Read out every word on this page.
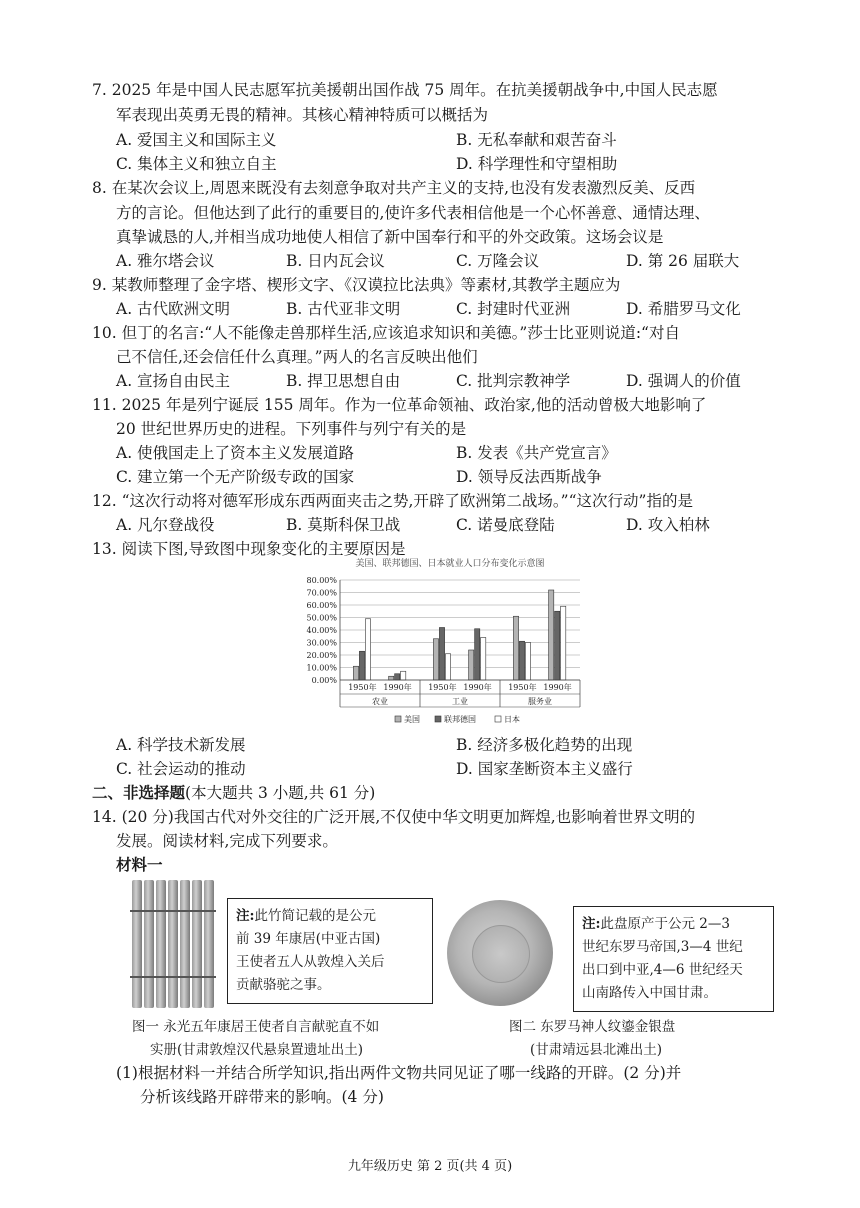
7. 2025 年是中国人民志愿军抗美援朝出国作战 75 周年。在抗美援朝战争中,中国人民志愿
军表现出英勇无畏的精神。其核心精神特质可以概括为
A. 爱国主义和国际主义	B. 无私奉献和艰苦奋斗
C. 集体主义和独立自主	D. 科学理性和守望相助
8. 在某次会议上,周恩来既没有去刻意争取对共产主义的支持,也没有发表激烈反美、反西
方的言论。但他达到了此行的重要目的,使许多代表相信他是一个心怀善意、通情达理、
真挚诚恳的人,并相当成功地使人相信了新中国奉行和平的外交政策。这场会议是
A. 雅尔塔会议	B. 日内瓦会议	C. 万隆会议	D. 第 26 届联大
9. 某教师整理了金字塔、楔形文字、《汉谟拉比法典》等素材,其教学主题应为
A. 古代欧洲文明	B. 古代亚非文明	C. 封建时代亚洲	D. 希腊罗马文化
10. 但丁的名言:“人不能像走兽那样生活,应该追求知识和美德。”莎士比亚则说道:“对自
己不信任,还会信任什么真理。”两人的名言反映出他们
A. 宣扬自由民主	B. 捍卫思想自由	C. 批判宗教神学	D. 强调人的价值
11. 2025 年是列宁诞辰 155 周年。作为一位革命领袖、政治家,他的活动曾极大地影响了
20 世纪世界历史的进程。下列事件与列宁有关的是
A. 使俄国走上了资本主义发展道路	B. 发表《共产党宣言》
C. 建立第一个无产阶级专政的国家	D. 领导反法西斯战争
12. “这次行动将对德军形成东西两面夹击之势,开辟了欧洲第二战场。”“这次行动”指的是
A. 凡尔登战役	B. 莫斯科保卫战	C. 诺曼底登陆	D. 攻入柏林
13. 阅读下图,导致图中现象变化的主要原因是
美国、联邦德国、日本就业人口分布变化示意图
0.00%
10.00%
20.00%
30.00%
40.00%
50.00%
60.00%
70.00%
80.00%
1950年 1990年 1950年 1990年 1950年 1990年
农业	工业	服务业
美国	联邦德国	日本
A. 科学技术新发展	B. 经济多极化趋势的出现
C. 社会运动的推动	D. 国家垄断资本主义盛行
二、非选择题(本大题共 3 小题,共 61 分)
14. (20 分)我国古代对外交往的广泛开展,不仅使中华文明更加辉煌,也影响着世界文明的
发展。阅读材料,完成下列要求。
材料一
注:此竹简记载的是公元
前 39 年康居(中亚古国)
王使者五人从敦煌入关后
贡献骆驼之事。
注:此盘原产于公元 2—3
世纪东罗马帝国,3—4 世纪
出口到中亚,4—6 世纪经天
山南路传入中国甘肃。
图一 永光五年康居王使者自言献驼直不如
实册(甘肃敦煌汉代悬泉置遗址出土)
图二 东罗马神人纹鎏金银盘
(甘肃靖远县北滩出土)
(1)根据材料一并结合所学知识,指出两件文物共同见证了哪一线路的开辟。(2 分)并
分析该线路开辟带来的影响。(4 分)
九年级历史 第 2 页(共 4 页)
